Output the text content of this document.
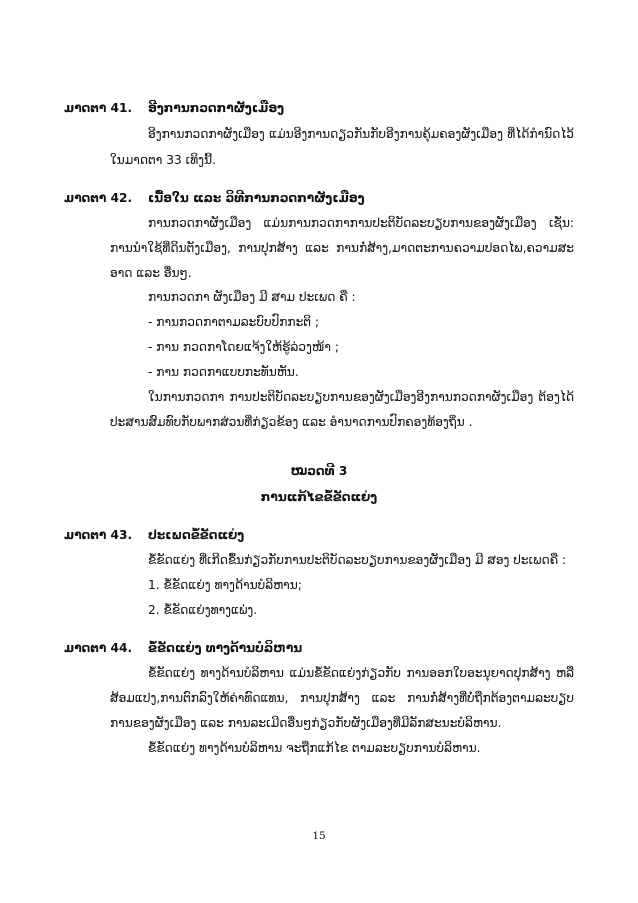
ມາດຕາ 41. ອີງການກວດກາຜັງເມືອງ
ອີງການກວດກາຜັງເມືອງ ແມ່ນອີງການດຽວກັນກັບອີງການຄຸ້ມຄອງຜັງເມືອງ ທີ່ໄດ້ກຳນົດໄວ້
ໃນມາດຕາ 33 ເທິງນີ້.
ມາດຕາ 42. ເນື້ອໃນ ແລະ ວິທີການກວດກາຜັງເມືອງ
ການກວດກາຜັງເມືອງ ແມ່ນການກວດກາການປະຕິບັດລະບຽບການຂອງຜັງເມືອງ ເຊັ່ນ:
ການນຳໃຊ້ທີ່ດິນຕັງເມືອງ, ການປຸກສ້າງ ແລະ ການກໍ່ສ້າງ,ມາດຕະການຄວາມປອດໄພ,ຄວາມສະ
ອາດ ແລະ ອື່ນໆ.
ການກວດກາ ຜັງເມືອງ ມີ ສາມ ປະເພດ ຄື :
- ການກວດກາຕາມລະບົບປົກກະຕິ ;
- ການ ກວດກາໂດຍແຈ້ງໃຫ້ຮູ້ລ່ວງໜ້າ ;
- ການ ກວດກາແບບກະທັນຫັນ.
ໃນການກວດກາ ການປະຕິບັດລະບຽບການຂອງຜັງເມືອງອີງການກວດກາຜັງເມືອງ ຕ້ອງໄດ້
ປະສານສົມທົບກັບພາກສ່ວນທີ່ກ່ຽວຂ້ອງ ແລະ ອຳນາດການປົກຄອງທ້ອງຖິ່ນ .
ໝວດທີ 3
ການແກ້ໄຂຂໍ້ຂັດແຍ່ງ
ມາດຕາ 43. ປະເພດຂໍ້ຂັດແຍ່ງ
ຂໍ້ຂັດແຍ່ງ ທີ່ເກີດຂຶ້ນກ່ຽວກັບການປະຕິບັດລະບຽບການຂອງຜັງເມືອງ ມີ ສອງ ປະເພດຄື :
1. ຂໍ້ຂັດແຍ່ງ ທາງດ້ານບໍລິຫານ;
2. ຂໍ້ຂັດແຍ່ງທາງແພ່ງ.
ມາດຕາ 44. ຂໍ້ຂັດແຍ່ງ ທາງດ້ານບໍລິຫານ
ຂໍ້ຂັດແຍ່ງ ທາງດ້ານບໍລິຫານ ແມ່ນຂໍ້ຂັດແຍ່ງກ່ຽວກັບ ການອອກໃບອະນຸຍາດປຸກສ້າງ ຫລື
ສ້ອມແປງ,ການຕົກລົງໃຫ້ຄ່າທົດແທນ, ການປຸກສ້າງ ແລະ ການກໍ່ສ້າງທີ່ບໍ່ຖືກຕ້ອງຕາມລະບຽບ
ການຂອງຜັງເມືອງ ແລະ ການລະເມີດອື່ນໆກ່ຽວກັບຜັງເມືອງທີ່ມີລັກສະນະບໍລິຫານ.
ຂໍ້ຂັດແຍ່ງ ທາງດ້ານບໍລິຫານ ຈະຖືກແກ້ໄຂ ຕາມລະບຽບການບໍລິຫານ.
15
